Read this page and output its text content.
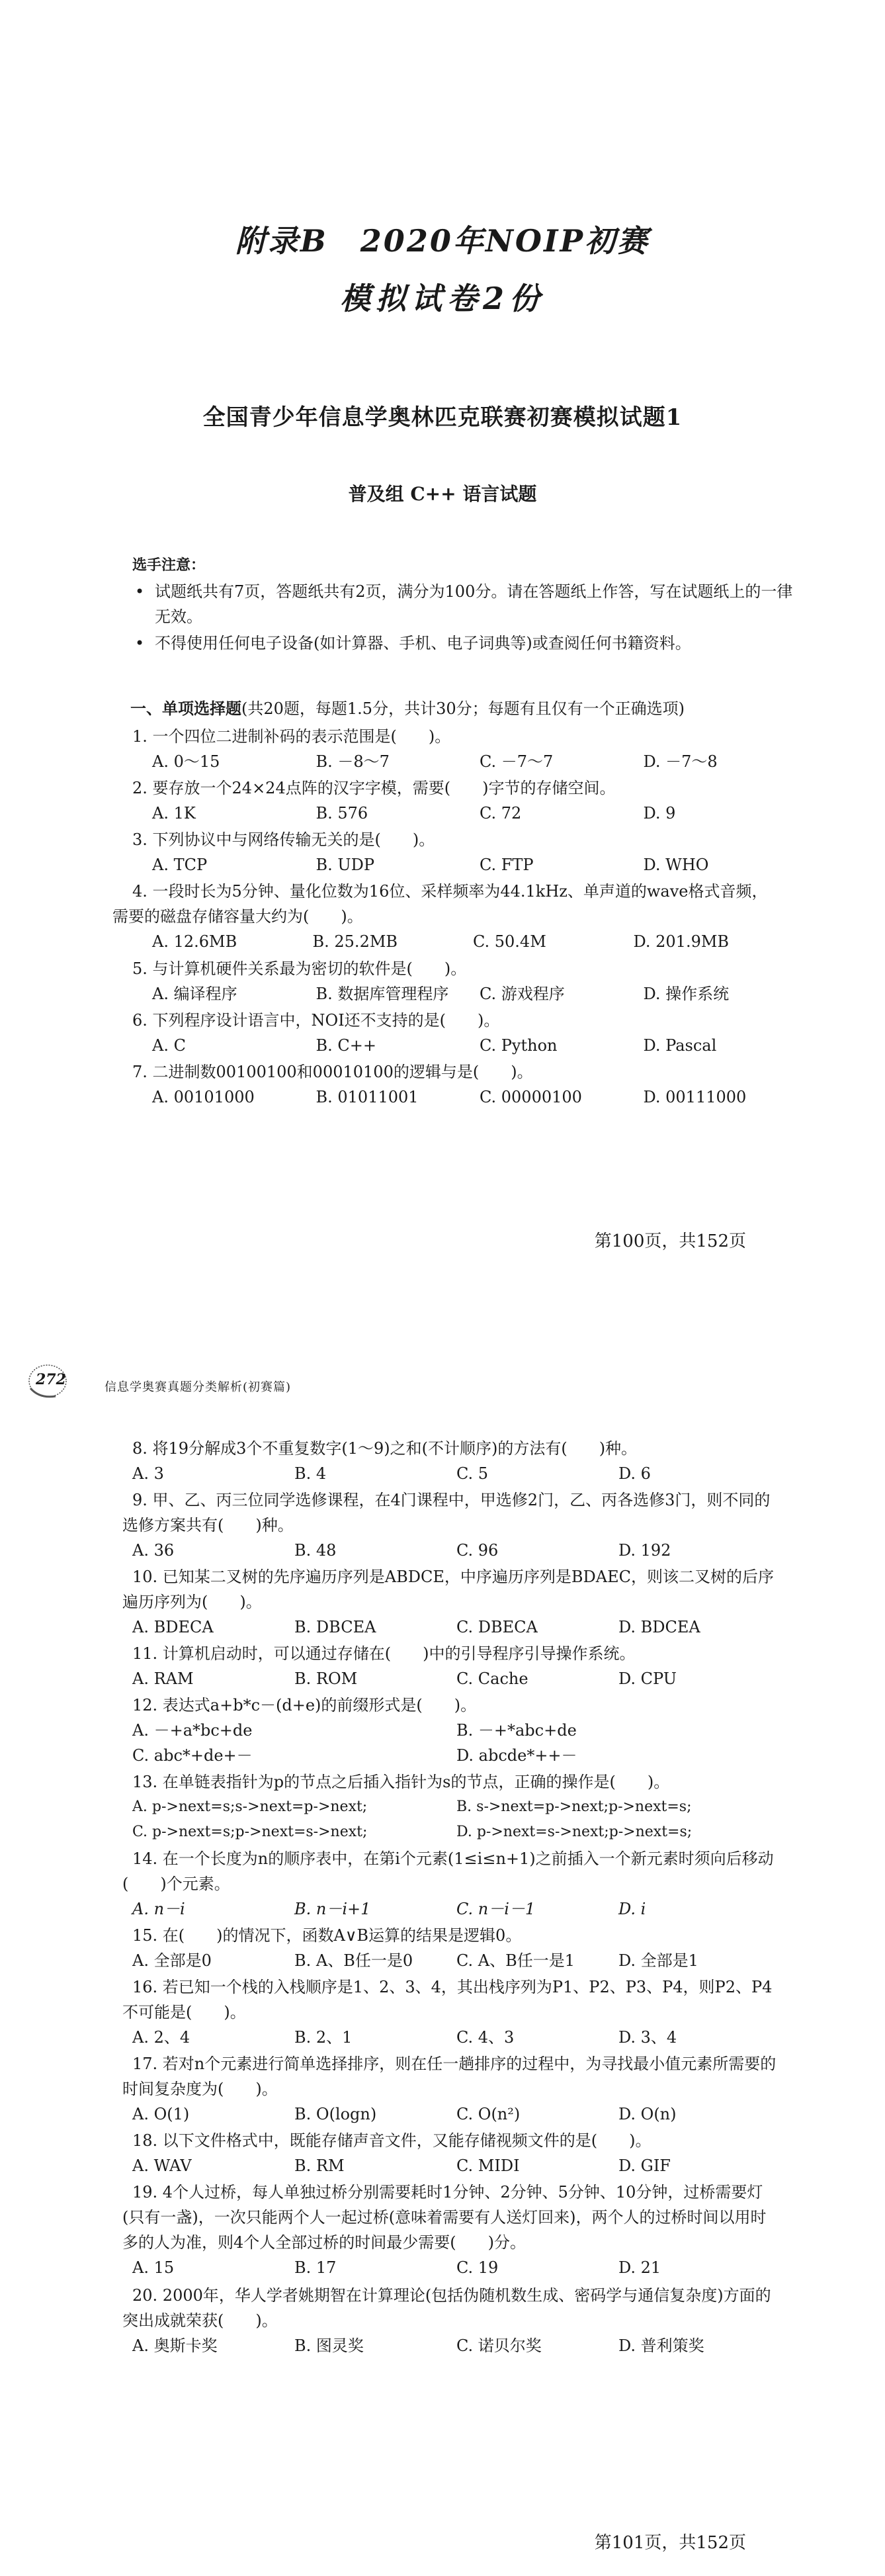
附录B　2020年NOIP初赛
模拟试卷2份
全国青少年信息学奥林匹克联赛初赛模拟试题1
普及组 C++ 语言试题
选手注意：
• 试题纸共有7页，答题纸共有2页，满分为100分。请在答题纸上作答，写在试题纸上的一律无效。
• 不得使用任何电子设备(如计算器、手机、电子词典等)或查阅任何书籍资料。
一、单项选择题(共20题，每题1.5分，共计30分；每题有且仅有一个正确选项)
1. 一个四位二进制补码的表示范围是(　　)。
A. 0～15	B. －8～7	C. －7～7	D. －7～8
2. 要存放一个24×24点阵的汉字字模，需要(　　)字节的存储空间。
A. 1K	B. 576	C. 72	D. 9
3. 下列协议中与网络传输无关的是(　　)。
A. TCP	B. UDP	C. FTP	D. WHO
4. 一段时长为5分钟、量化位数为16位、采样频率为44.1kHz、单声道的wave格式音频，需要的磁盘存储容量大约为(　　)。
A. 12.6MB	B. 25.2MB	C. 50.4M	D. 201.9MB
5. 与计算机硬件关系最为密切的软件是(　　)。
A. 编译程序	B. 数据库管理程序	C. 游戏程序	D. 操作系统
6. 下列程序设计语言中，NOI还不支持的是(　　)。
A. C	B. C++	C. Python	D. Pascal
7. 二进制数00100100和00010100的逻辑与是(　　)。
A. 00101000	B. 01011001	C. 00000100	D. 00111000
第100页，共152页
272	信息学奥赛真题分类解析(初赛篇)
8. 将19分解成3个不重复数字(1～9)之和(不计顺序)的方法有(　　)种。
A. 3	B. 4	C. 5	D. 6
9. 甲、乙、丙三位同学选修课程，在4门课程中，甲选修2门，乙、丙各选修3门，则不同的选修方案共有(　　)种。
A. 36	B. 48	C. 96	D. 192
10. 已知某二叉树的先序遍历序列是ABDCE，中序遍历序列是BDAEC，则该二叉树的后序遍历序列为(　　)。
A. BDECA	B. DBCEA	C. DBECA	D. BDCEA
11. 计算机启动时，可以通过存储在(　　)中的引导程序引导操作系统。
A. RAM	B. ROM	C. Cache	D. CPU
12. 表达式a+b*c－(d+e)的前缀形式是(　　)。
A. －+a*bc+de	B. －+*abc+de
C. abc*+de+－	D. abcde*++－
13. 在单链表指针为p的节点之后插入指针为s的节点，正确的操作是(　　)。
A. p->next=s;s->next=p->next;	B. s->next=p->next;p->next=s;
C. p->next=s;p->next=s->next;	D. p->next=s->next;p->next=s;
14. 在一个长度为n的顺序表中，在第i个元素(1≤i≤n+1)之前插入一个新元素时须向后移动(　　)个元素。
A. n－i	B. n－i+1	C. n－i－1	D. i
15. 在(　　)的情况下，函数A∨B运算的结果是逻辑0。
A. 全部是0	B. A、B任一是0	C. A、B任一是1	D. 全部是1
16. 若已知一个栈的入栈顺序是1、2、3、4，其出栈序列为P1、P2、P3、P4，则P2、P4不可能是(　　)。
A. 2、4	B. 2、1	C. 4、3	D. 3、4
17. 若对n个元素进行简单选择排序，则在任一趟排序的过程中，为寻找最小值元素所需要的时间复杂度为(　　)。
A. O(1)	B. O(logn)	C. O(n²)	D. O(n)
18. 以下文件格式中，既能存储声音文件，又能存储视频文件的是(　　)。
A. WAV	B. RM	C. MIDI	D. GIF
19. 4个人过桥，每人单独过桥分别需要耗时1分钟、2分钟、5分钟、10分钟，过桥需要灯(只有一盏)，一次只能两个人一起过桥(意味着需要有人送灯回来)，两个人的过桥时间以用时多的人为准，则4个人全部过桥的时间最少需要(　　)分。
A. 15	B. 17	C. 19	D. 21
20. 2000年，华人学者姚期智在计算理论(包括伪随机数生成、密码学与通信复杂度)方面的突出成就荣获(　　)。
A. 奥斯卡奖	B. 图灵奖	C. 诺贝尔奖	D. 普利策奖
第101页，共152页
